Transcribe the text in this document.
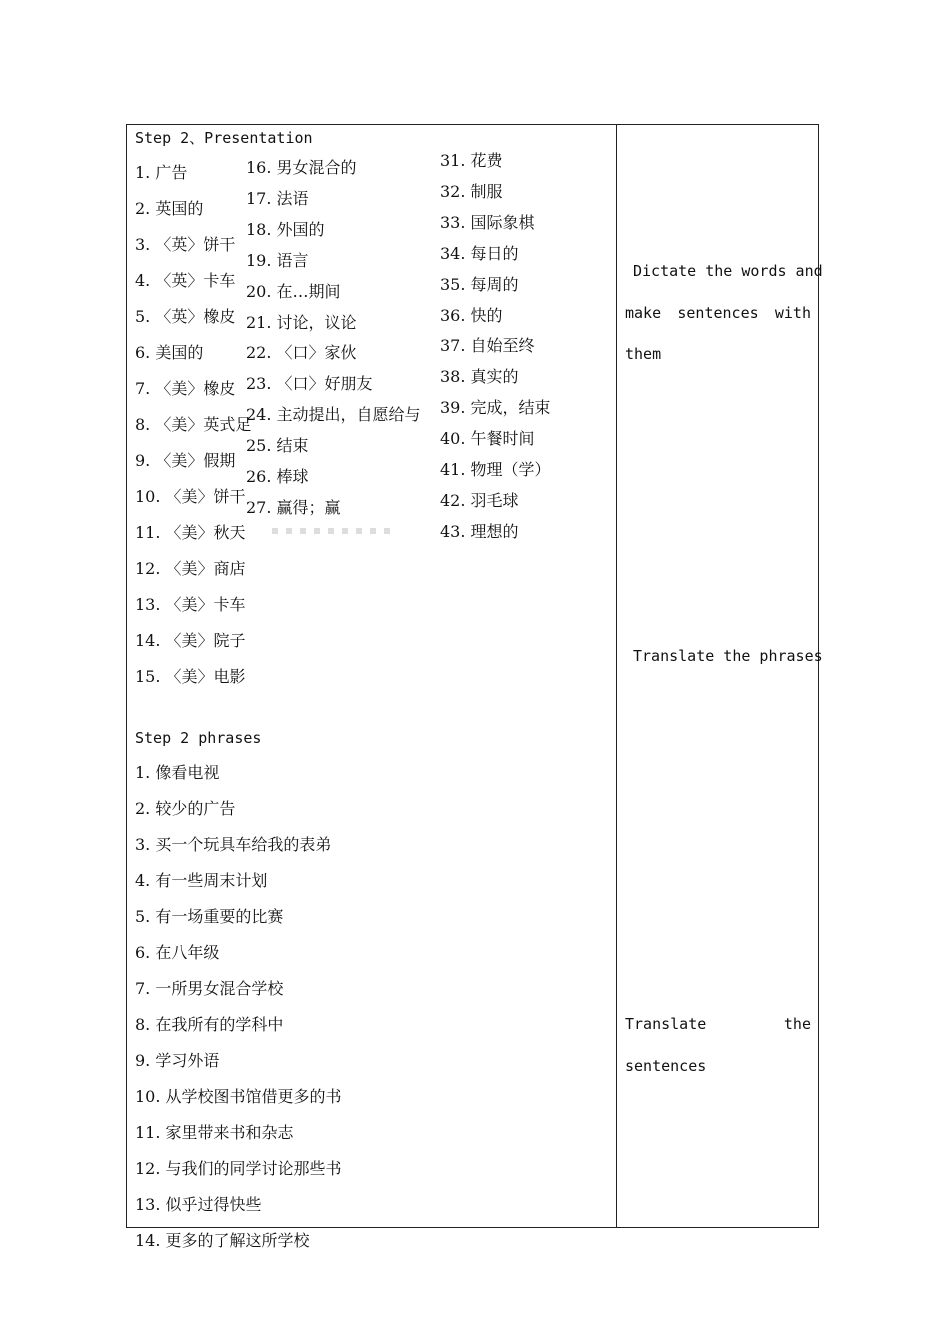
Step 2、Presentation
1. 广告
2. 英国的
3. 〈英〉饼干
4. 〈英〉卡车
5. 〈英〉橡皮
6. 美国的
7. 〈美〉橡皮
8. 〈美〉英式足
9. 〈美〉假期
10. 〈美〉饼干
11. 〈美〉秋天
12. 〈美〉商店
13. 〈美〉卡车
14. 〈美〉院子
15. 〈美〉电影
16. 男女混合的
17. 法语
18. 外国的
19. 语言
20. 在…期间
21. 讨论，议论
22. 〈口〉家伙
23. 〈口〉好朋友
24. 主动提出，自愿给与
25. 结束
26. 棒球
27. 赢得；赢
31. 花费
32. 制服
33. 国际象棋
34. 每日的
35. 每周的
36. 快的
37. 自始至终
38. 真实的
39. 完成，结束
40. 午餐时间
41. 物理（学）
42. 羽毛球
43. 理想的
Step 2 phrases
1. 像看电视
2. 较少的广告
3. 买一个玩具车给我的表弟
4. 有一些周末计划
5. 有一场重要的比赛
6. 在八年级
7. 一所男女混合学校
8. 在我所有的学科中
9. 学习外语
10. 从学校图书馆借更多的书
11. 家里带来书和杂志
12. 与我们的同学讨论那些书
13. 似乎过得快些
14. 更多的了解这所学校
Dictate the words and
make sentences with
them
Translate the phrases
Translate	the
sentences
